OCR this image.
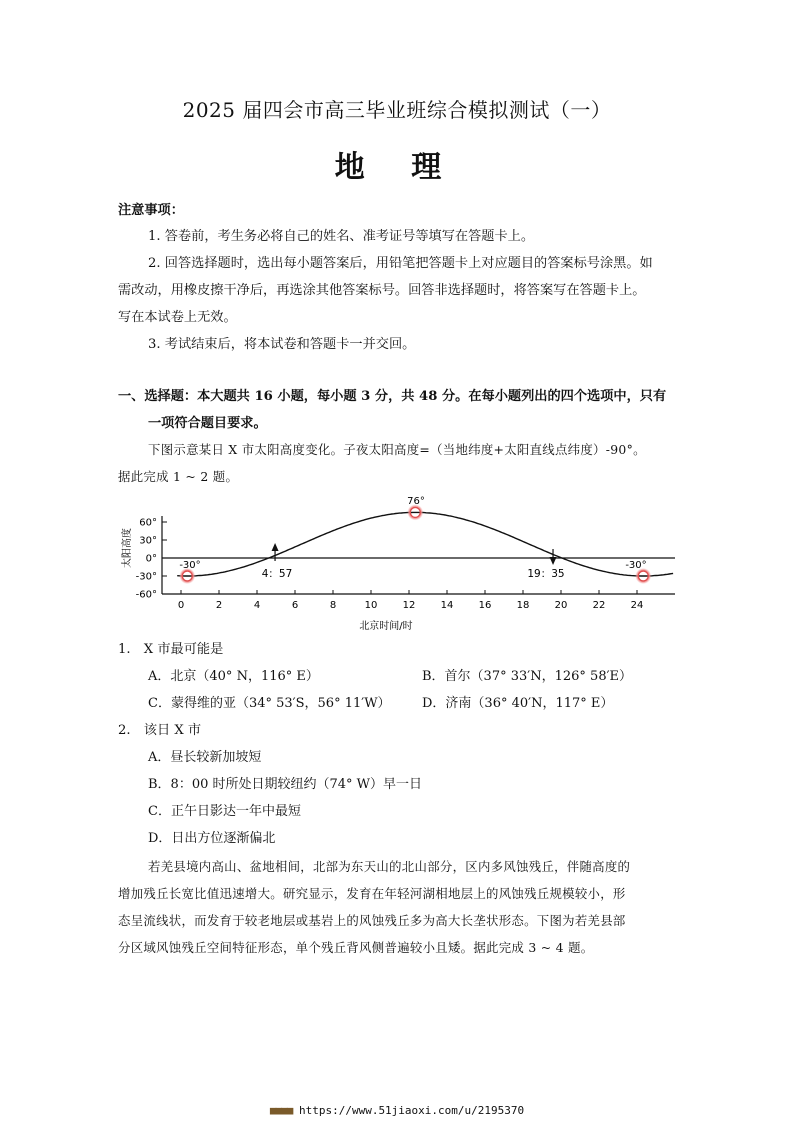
2025 届四会市高三毕业班综合模拟测试（一）
地 理
注意事项：
1. 答卷前，考生务必将自己的姓名、准考证号等填写在答题卡上。
2. 回答选择题时，选出每小题答案后，用铅笔把答题卡上对应题目的答案标号涂黑。如
需改动，用橡皮擦干净后，再选涂其他答案标号。回答非选择题时，将答案写在答题卡上。
写在本试卷上无效。
3. 考试结束后，将本试卷和答题卡一并交回。
一、选择题：本大题共 16 小题，每小题 3 分，共 48 分。在每小题列出的四个选项中，只有
一项符合题目要求。
下图示意某日 X 市太阳高度变化。子夜太阳高度=（当地纬度+太阳直线点纬度）-90°。
据此完成 1 ~ 2 题。
60°
30°
0°
-30°
-60°
0	2	4	6	8	10	12	14	16	18	20	22	24
太阳高度
北京时间/时
76°
-30°	-30°
4：57	19：35
1.　X 市最可能是
A．北京（40° N，116° E）	B．首尔（37° 33′N，126° 58′E）
C．蒙得维的亚（34° 53′S，56° 11′W） D．济南（36° 40′N，117° E）
2.　该日 X 市
A．昼长较新加坡短
B．8：00 时所处日期较纽约（74° W）早一日
C．正午日影达一年中最短
D．日出方位逐渐偏北
若羌县境内高山、盆地相间，北部为东天山的北山部分，区内多风蚀残丘，伴随高度的
增加残丘长宽比值迅速增大。研究显示，发育在年轻河湖相地层上的风蚀残丘规模较小，形
态呈流线状，而发育于较老地层或基岩上的风蚀残丘多为高大长垄状形态。下图为若羌县部
分区域风蚀残丘空间特征形态，单个残丘背风侧普遍较小且矮。据此完成 3 ~ 4 题。
■■■■ https://www.51jiaoxi.com/u/2195370
